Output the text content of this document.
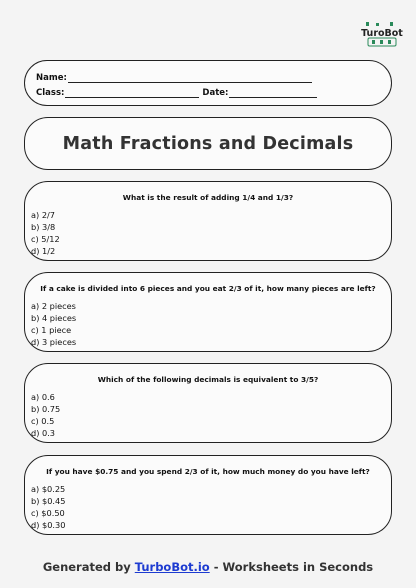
TuroBot
Name:
Class:	Date:
Math Fractions and Decimals
What is the result of adding 1/4 and 1/3?
a) 2/7
b) 3/8
c) 5/12
d) 1/2
If a cake is divided into 6 pieces and you eat 2/3 of it, how many pieces are left?
a) 2 pieces
b) 4 pieces
c) 1 piece
d) 3 pieces
Which of the following decimals is equivalent to 3/5?
a) 0.6
b) 0.75
c) 0.5
d) 0.3
If you have $0.75 and you spend 2/3 of it, how much money do you have left?
a) $0.25
b) $0.45
c) $0.50
d) $0.30
Generated by TurboBot.io - Worksheets in Seconds
